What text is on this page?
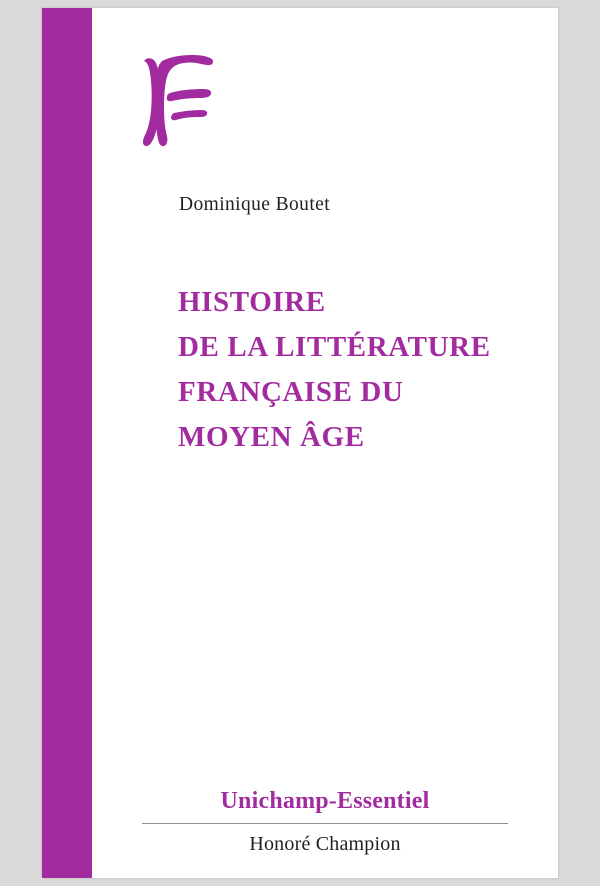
Dominique Boutet
HISTOIRE
DE LA LITTÉRATURE
FRANÇAISE DU
MOYEN ÂGE
Unichamp-Essentiel
Honoré Champion
